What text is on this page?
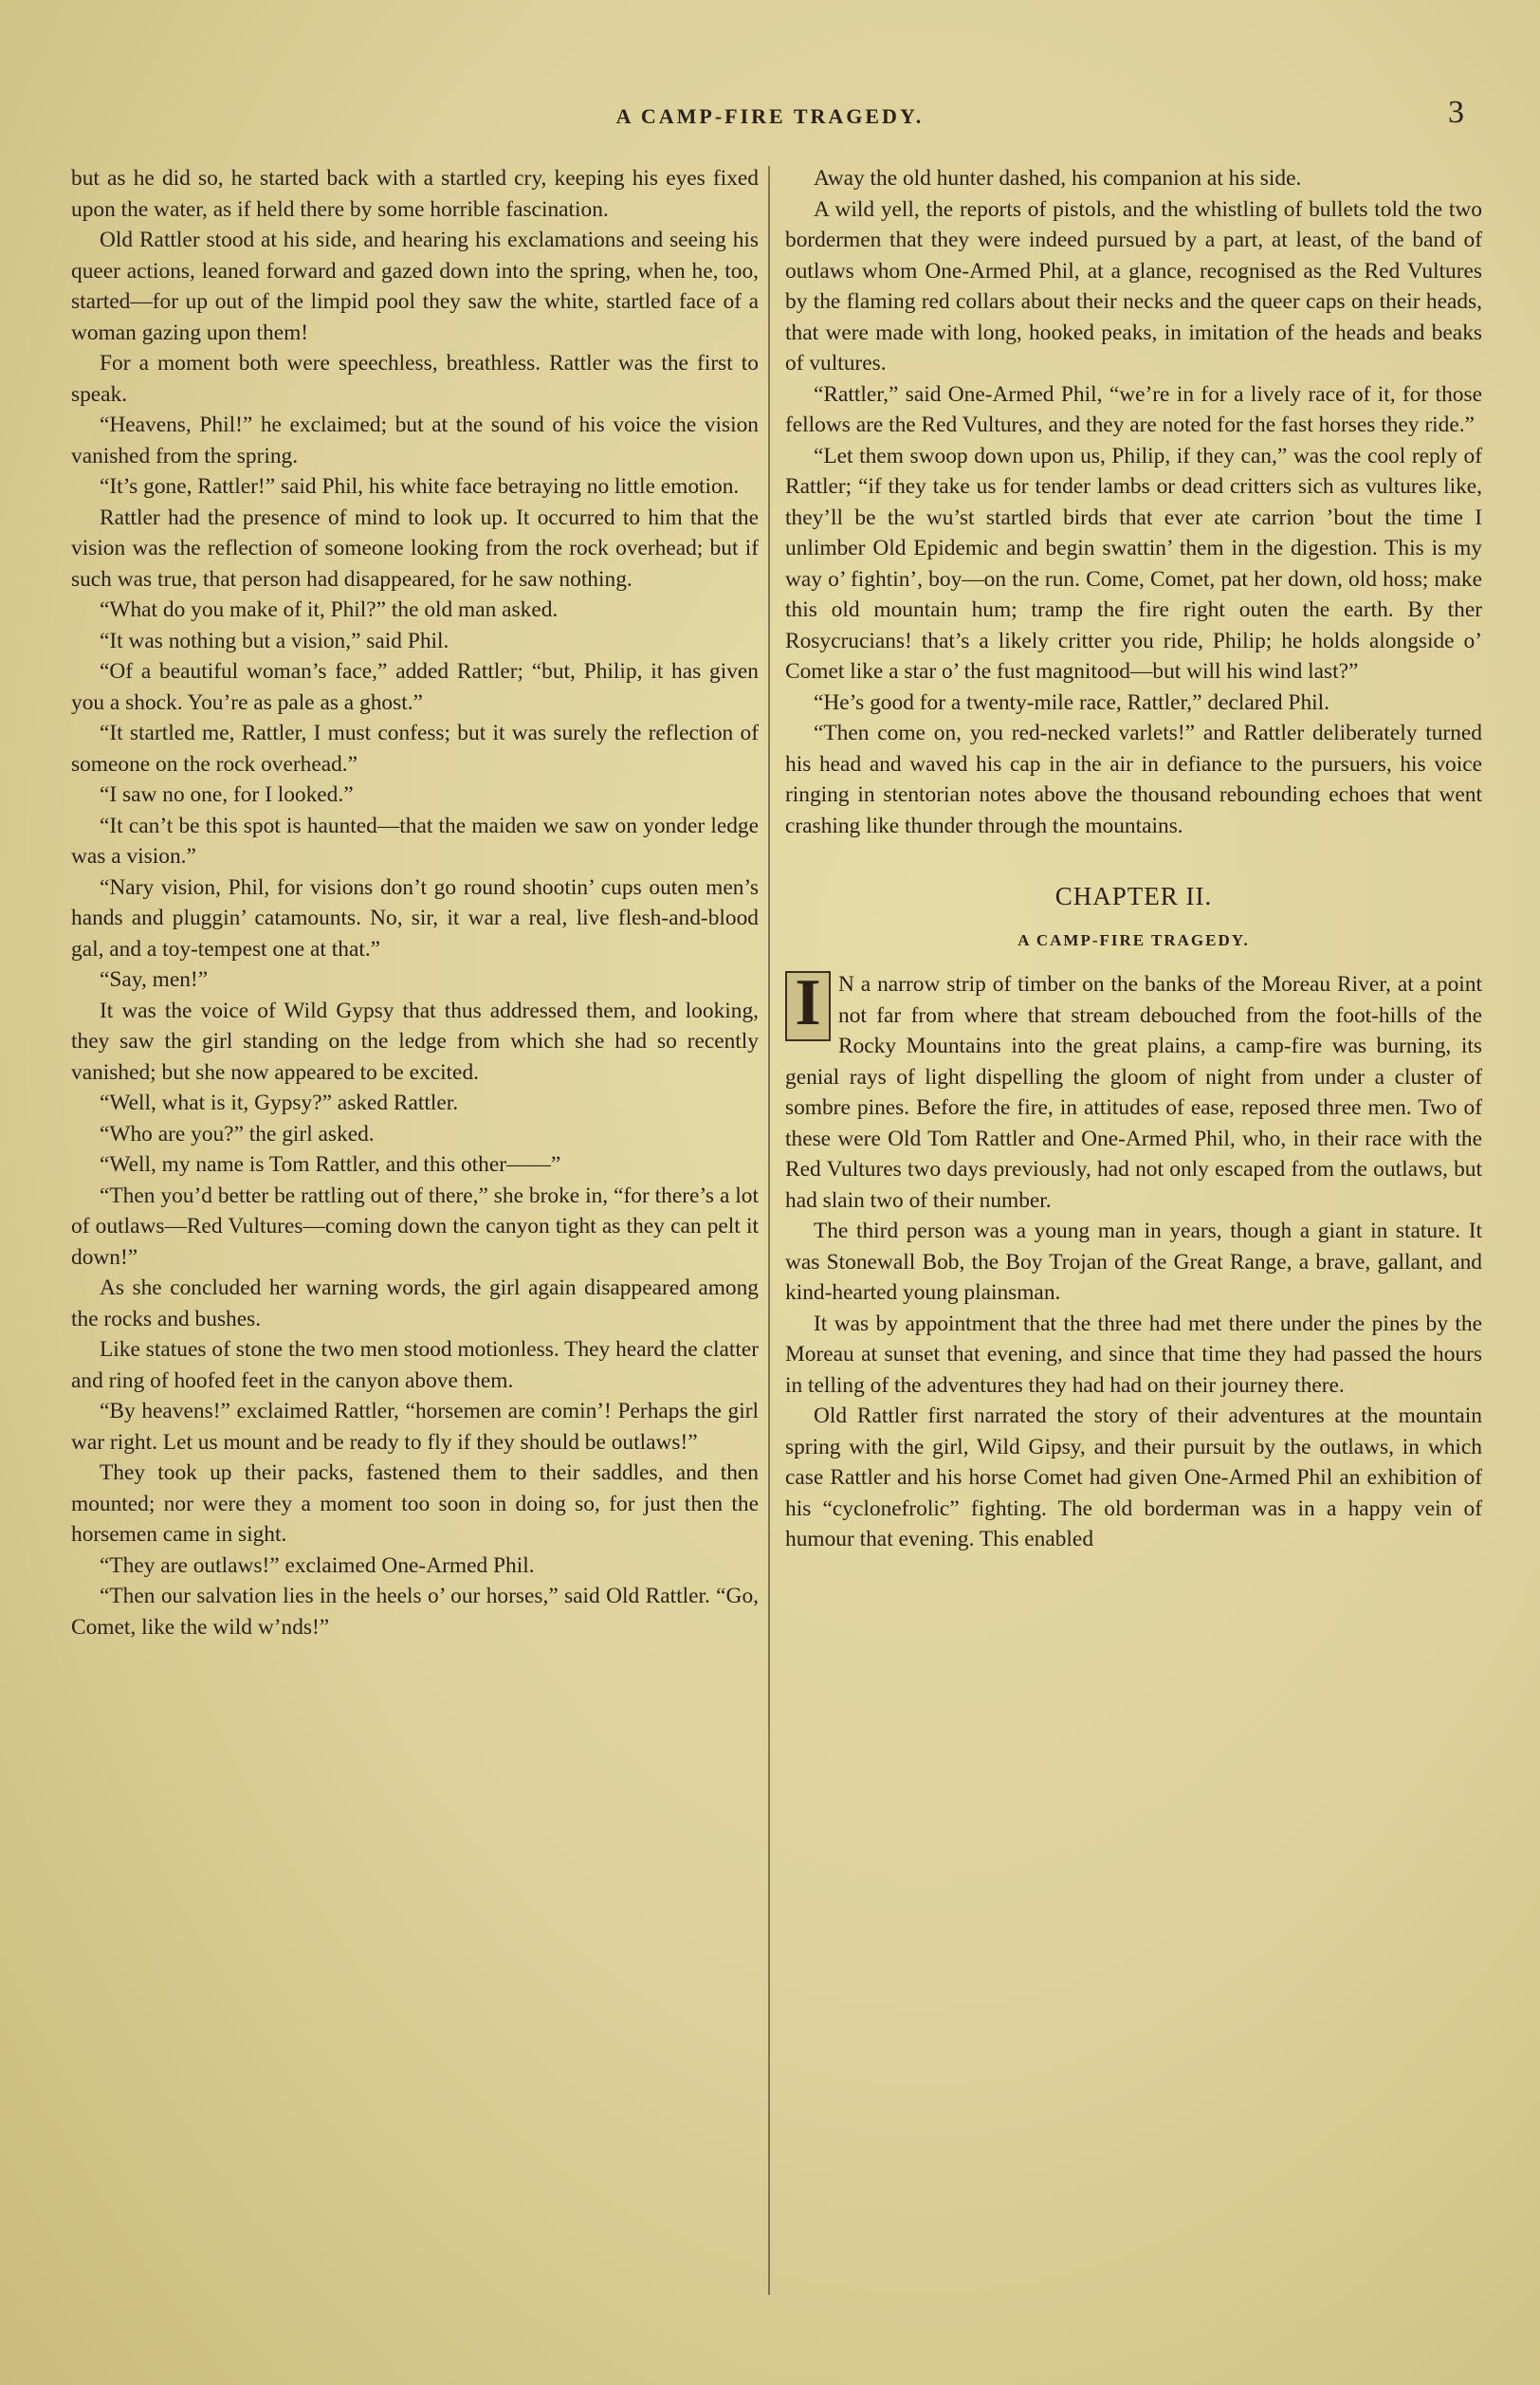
A CAMP-FIRE TRAGEDY.	3

but as he did so, he started back with a startled cry, keeping his eyes fixed upon the water, as if held there by some horrible fascination.

Old Rattler stood at his side, and hearing his exclamations and seeing his queer actions, leaned forward and gazed down into the spring, when he, too, started—for up out of the limpid pool they saw the white, startled face of a woman gazing upon them!

For a moment both were speechless, breathless. Rattler was the first to speak.

“Heavens, Phil!” he exclaimed; but at the sound of his voice the vision vanished from the spring.

“It’s gone, Rattler!” said Phil, his white face betraying no little emotion.

Rattler had the presence of mind to look up. It occurred to him that the vision was the reflection of someone looking from the rock overhead; but if such was true, that person had disappeared, for he saw nothing.

“What do you make of it, Phil?” the old man asked.

“It was nothing but a vision,” said Phil.

“Of a beautiful woman’s face,” added Rattler; “but, Philip, it has given you a shock. You’re as pale as a ghost.”

“It startled me, Rattler, I must confess; but it was surely the reflection of someone on the rock overhead.”

“I saw no one, for I looked.”

“It can’t be this spot is haunted—that the maiden we saw on yonder ledge was a vision.”

“Nary vision, Phil, for visions don’t go round shootin’ cups outen men’s hands and pluggin’ catamounts. No, sir, it war a real, live flesh-and-blood gal, and a toy-tempest one at that.”

“Say, men!”

It was the voice of Wild Gypsy that thus addressed them, and looking, they saw the girl standing on the ledge from which she had so recently vanished; but she now appeared to be excited.

“Well, what is it, Gypsy?” asked Rattler.

“Who are you?” the girl asked.

“Well, my name is Tom Rattler, and this other——”

“Then you’d better be rattling out of there,” she broke in, “for there’s a lot of outlaws—Red Vultures—coming down the canyon tight as they can pelt it down!”

As she concluded her warning words, the girl again disappeared among the rocks and bushes.

Like statues of stone the two men stood motionless. They heard the clatter and ring of hoofed feet in the canyon above them.

“By heavens!” exclaimed Rattler, “horsemen are comin’! Perhaps the girl war right. Let us mount and be ready to fly if they should be outlaws!”

They took up their packs, fastened them to their saddles, and then mounted; nor were they a moment too soon in doing so, for just then the horsemen came in sight.

“They are outlaws!” exclaimed One-Armed Phil.

“Then our salvation lies in the heels o’ our horses,” said Old Rattler. “Go, Comet, like the wild w’nds!”

Away the old hunter dashed, his companion at his side.

A wild yell, the reports of pistols, and the whistling of bullets told the two bordermen that they were indeed pursued by a part, at least, of the band of outlaws whom One-Armed Phil, at a glance, recognised as the Red Vultures by the flaming red collars about their necks and the queer caps on their heads, that were made with long, hooked peaks, in imitation of the heads and beaks of vultures.

“Rattler,” said One-Armed Phil, “we’re in for a lively race of it, for those fellows are the Red Vultures, and they are noted for the fast horses they ride.”

“Let them swoop down upon us, Philip, if they can,” was the cool reply of Rattler; “if they take us for tender lambs or dead critters sich as vultures like, they’ll be the wu’st startled birds that ever ate carrion ’bout the time I unlimber Old Epidemic and begin swattin’ them in the digestion. This is my way o’ fightin’, boy—on the run. Come, Comet, pat her down, old hoss; make this old mountain hum; tramp the fire right outen the earth. By ther Rosycrucians! that’s a likely critter you ride, Philip; he holds alongside o’ Comet like a star o’ the fust magnitood—but will his wind last?”

“He’s good for a twenty-mile race, Rattler,” declared Phil.

“Then come on, you red-necked varlets!” and Rattler deliberately turned his head and waved his cap in the air in defiance to the pursuers, his voice ringing in stentorian notes above the thousand rebounding echoes that went crashing like thunder through the mountains.

CHAPTER II.
A CAMP-FIRE TRAGEDY.

I N a narrow strip of timber on the banks of the Moreau River, at a point not far from where that stream debouched from the foot-hills of the Rocky Mountains into the great plains, a camp-fire was burning, its genial rays of light dispelling the gloom of night from under a cluster of sombre pines. Before the fire, in attitudes of ease, reposed three men. Two of these were Old Tom Rattler and One-Armed Phil, who, in their race with the Red Vultures two days previously, had not only escaped from the outlaws, but had slain two of their number.

The third person was a young man in years, though a giant in stature. It was Stonewall Bob, the Boy Trojan of the Great Range, a brave, gallant, and kind-hearted young plainsman.

It was by appointment that the three had met there under the pines by the Moreau at sunset that evening, and since that time they had passed the hours in telling of the adventures they had had on their journey there.

Old Rattler first narrated the story of their adventures at the mountain spring with the girl, Wild Gipsy, and their pursuit by the outlaws, in which case Rattler and his horse Comet had given One-Armed Phil an exhibition of his “cyclonefrolic” fighting. The old borderman was in a happy vein of humour that evening. This enabled
